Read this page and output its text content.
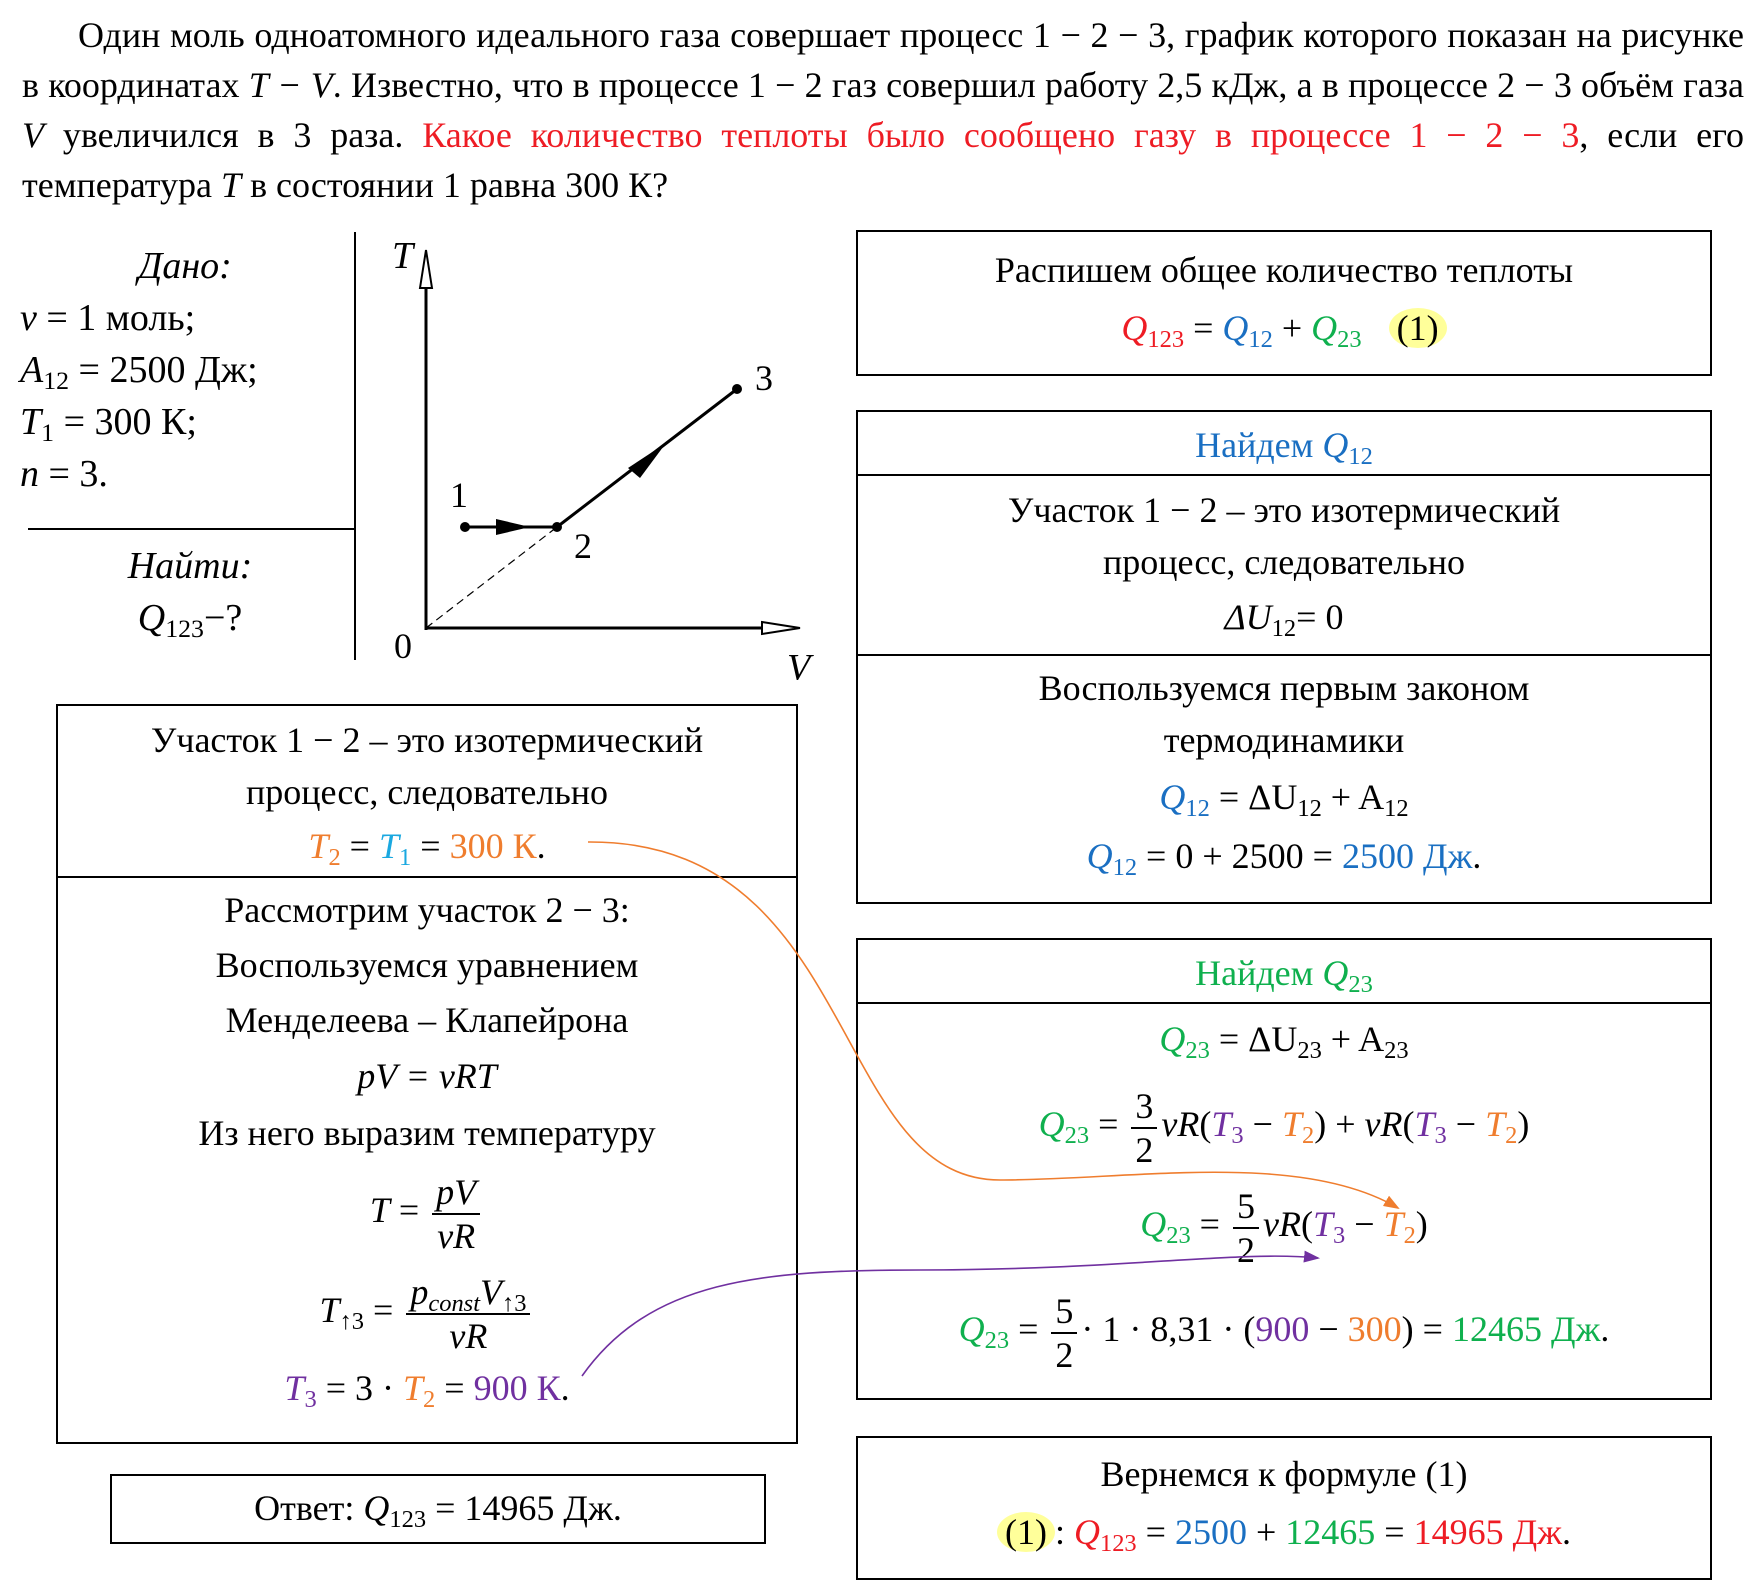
Один моль одноатомного идеального газа совершает процесс 1 − 2 − 3, график которого показан на рисунке в координатах T − V. Известно, что в процессе 1 − 2 газ совершил работу 2,5 кДж, а в процессе 2 − 3 объём газа V увеличился в 3 раза. Какое количество теплоты было сообщено газу в процессе 1 − 2 − 3, если его температура T в состоянии 1 равна 300 К?
Дано:
ν = 1 моль;
$A_{12} = 2500$ Дж;
$T_1 = 300$ К;
n = 3.
Найти:
$Q_{123}-$?
T
V
0
1
2
3
Распишем общее количество теплоты
$Q_{123} = Q_{12} + Q_{23}$ (1)
Найдем $Q_{12}$
Участок 1 − 2 – это изотермический
процесс, следовательно
$\Delta U_{12}= 0$
Воспользуемся первым законом
термодинамики
$Q_{12} = \Delta U_{12} + A_{12}$
$Q_{12} = 0 + 2500 = 2500$ Дж.
Найдем $Q_{23}$
$Q_{23} = \Delta U_{23} + A_{23}$
$Q_{23} = \frac{3}{2} \nu R(T_3 - T_2) + \nu R(T_3 - T_2)$
$Q_{23} = \frac{5}{2} \nu R(T_3 - T_2)$
$Q_{23} = \frac{5}{2} \cdot 1 \cdot 8,31 \cdot (900 - 300) = 12465$ Дж.
Участок 1 − 2 – это изотермический
процесс, следовательно
$T_2 = T_1 = 300$ К.
Рассмотрим участок 2 − 3:
Воспользуемся уравнением
Менделеева – Клапейрона
pV = νRT
Из него выразим температуру
$T = \frac{pV}{\nu R}$
$T_{↑3} = \frac{p_{const}V_{↑3}}{\nu R}$
$T_3 = 3 \cdot T_2 = 900$ К.
Ответ: $Q_{123} = 14965$ Дж.
Вернемся к формуле (1)
(1) : $Q_{123} = 2500 + 12465 = 14965$ Дж.
